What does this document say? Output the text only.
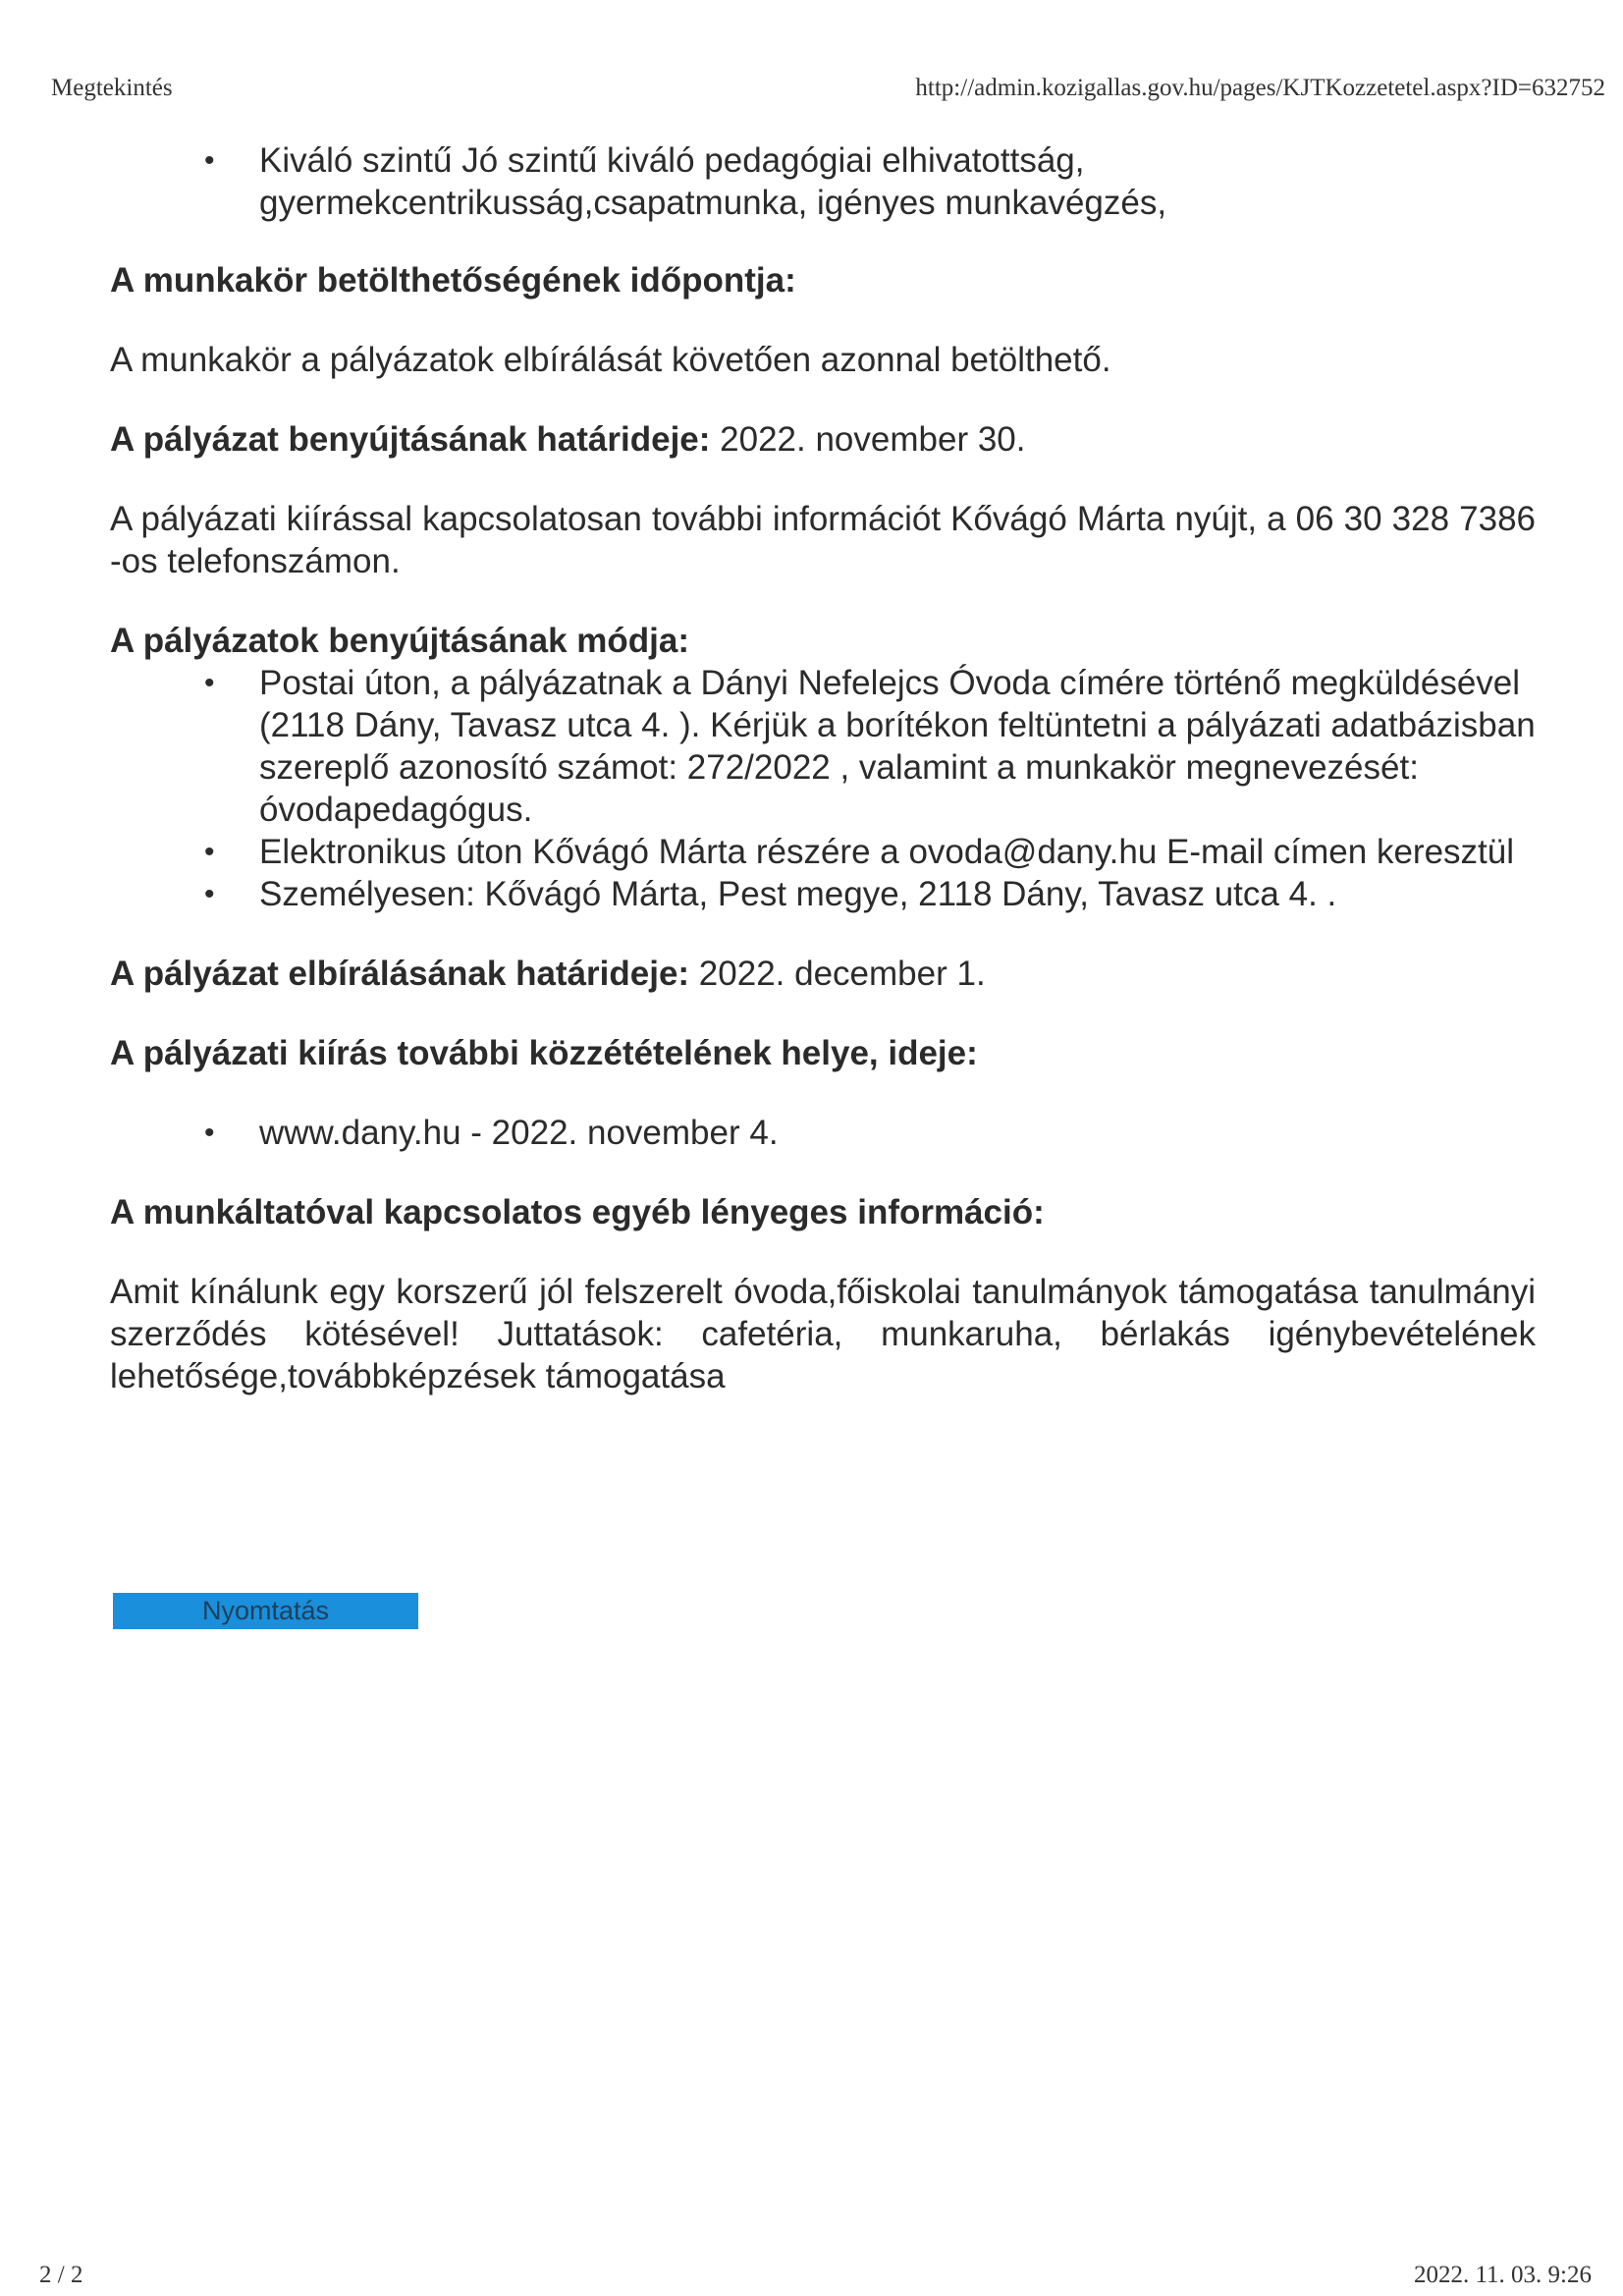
Megtekintés	http://admin.kozigallas.gov.hu/pages/KJTKozzetetel.aspx?ID=632752
• Kiváló szintű Jó szintű kiváló pedagógiai elhivatottság,
gyermekcentrikusság,csapatmunka, igényes munkavégzés,

A munkakör betölthetőségének időpontja:

A munkakör a pályázatok elbírálását követően azonnal betölthető.

A pályázat benyújtásának határideje: 2022. november 30.

A pályázati kiírással kapcsolatosan további információt Kővágó Márta nyújt, a 06 30 328 7386 -os telefonszámon.

A pályázatok benyújtásának módja:

• Postai úton, a pályázatnak a Dányi Nefelejcs Óvoda címére történő megküldésével (2118 Dány, Tavasz utca 4. ). Kérjük a borítékon feltüntetni a pályázati adatbázisban szereplő azonosító számot: 272/2022 , valamint a munkakör megnevezését: óvodapedagógus.
• Elektronikus úton Kővágó Márta részére a ovoda@dany.hu E-mail címen keresztül
• Személyesen: Kővágó Márta, Pest megye, 2118 Dány, Tavasz utca 4. .

A pályázat elbírálásának határideje: 2022. december 1.

A pályázati kiírás további közzétételének helye, ideje:

• www.dany.hu - 2022. november 4.

A munkáltatóval kapcsolatos egyéb lényeges információ:

Amit kínálunk egy korszerű jól felszerelt óvoda,főiskolai tanulmányok támogatása tanulmányi szerződés kötésével! Juttatások: cafetéria, munkaruha, bérlakás igénybevételének lehetősége,továbbképzések támogatása

Nyomtatás
2 / 2	2022. 11. 03. 9:26
